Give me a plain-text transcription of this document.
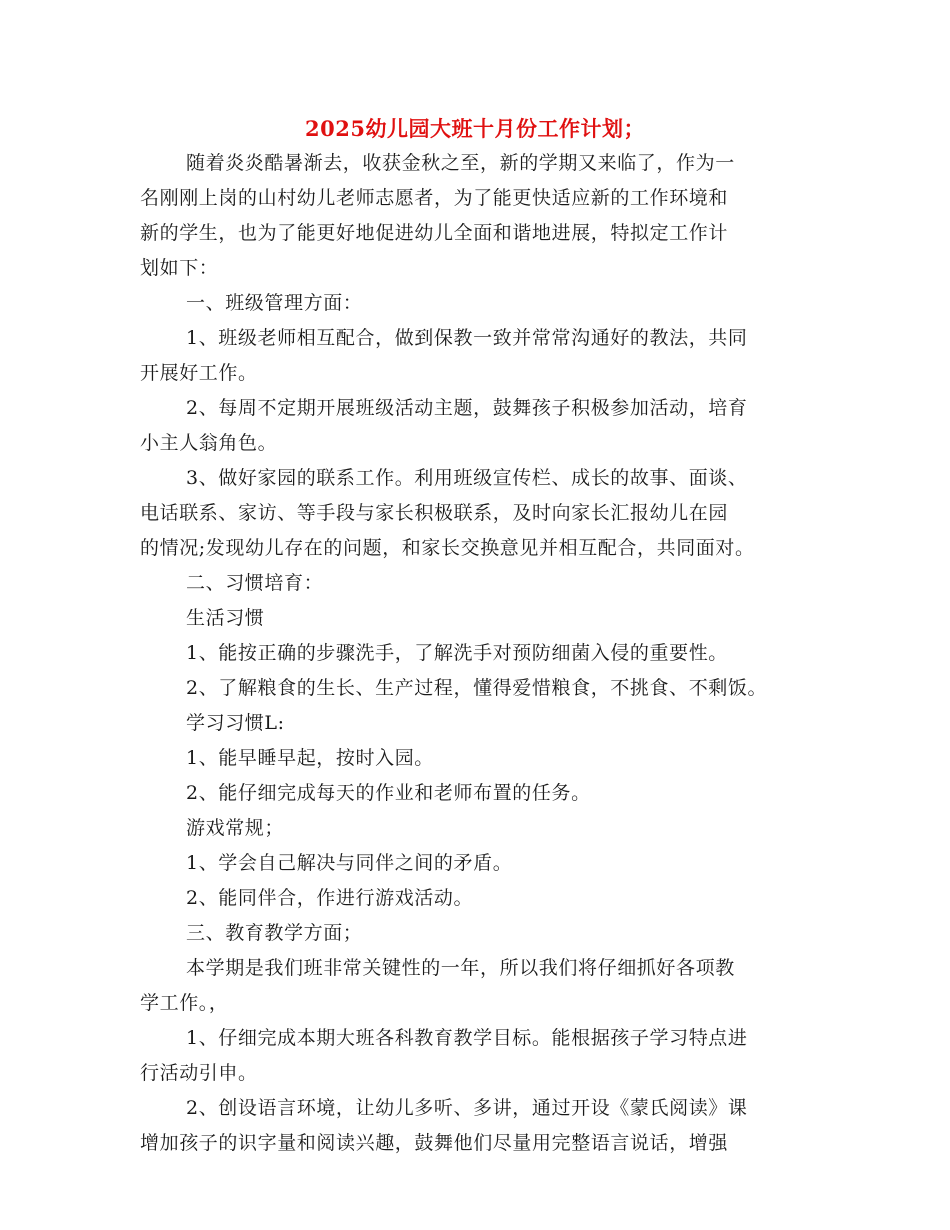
2025幼儿园大班十月份工作计划；
随着炎炎酷暑渐去，收获金秋之至，新的学期又来临了，作为一
名刚刚上岗的山村幼儿老师志愿者，为了能更快适应新的工作环境和
新的学生，也为了能更好地促进幼儿全面和谐地进展，特拟定工作计
划如下：
一、班级管理方面：
1、班级老师相互配合，做到保教一致并常常沟通好的教法，共同
开展好工作。
2、每周不定期开展班级活动主题，鼓舞孩子积极参加活动，培育
小主人翁角色。
3、做好家园的联系工作。利用班级宣传栏、成长的故事、面谈、
电话联系、家访、等手段与家长积极联系，及时向家长汇报幼儿在园
的情况;发现幼儿存在的问题，和家长交换意见并相互配合，共同面对。
二、习惯培育：
生活习惯
1、能按正确的步骤洗手，了解洗手对预防细菌入侵的重要性。
2、了解粮食的生长、生产过程，懂得爱惜粮食，不挑食、不剩饭。
学习习惯L:
1、能早睡早起，按时入园。
2、能仔细完成每天的作业和老师布置的任务。
游戏常规；
1、学会自己解决与同伴之间的矛盾。
2、能同伴合，作进行游戏活动。
三、教育教学方面；
本学期是我们班非常关键性的一年，所以我们将仔细抓好各项教
学工作。，
1、仔细完成本期大班各科教育教学目标。能根据孩子学习特点进
行活动引申。
2、创设语言环境，让幼儿多听、多讲，通过开设《蒙氏阅读》课
增加孩子的识字量和阅读兴趣，鼓舞他们尽量用完整语言说话，增强
